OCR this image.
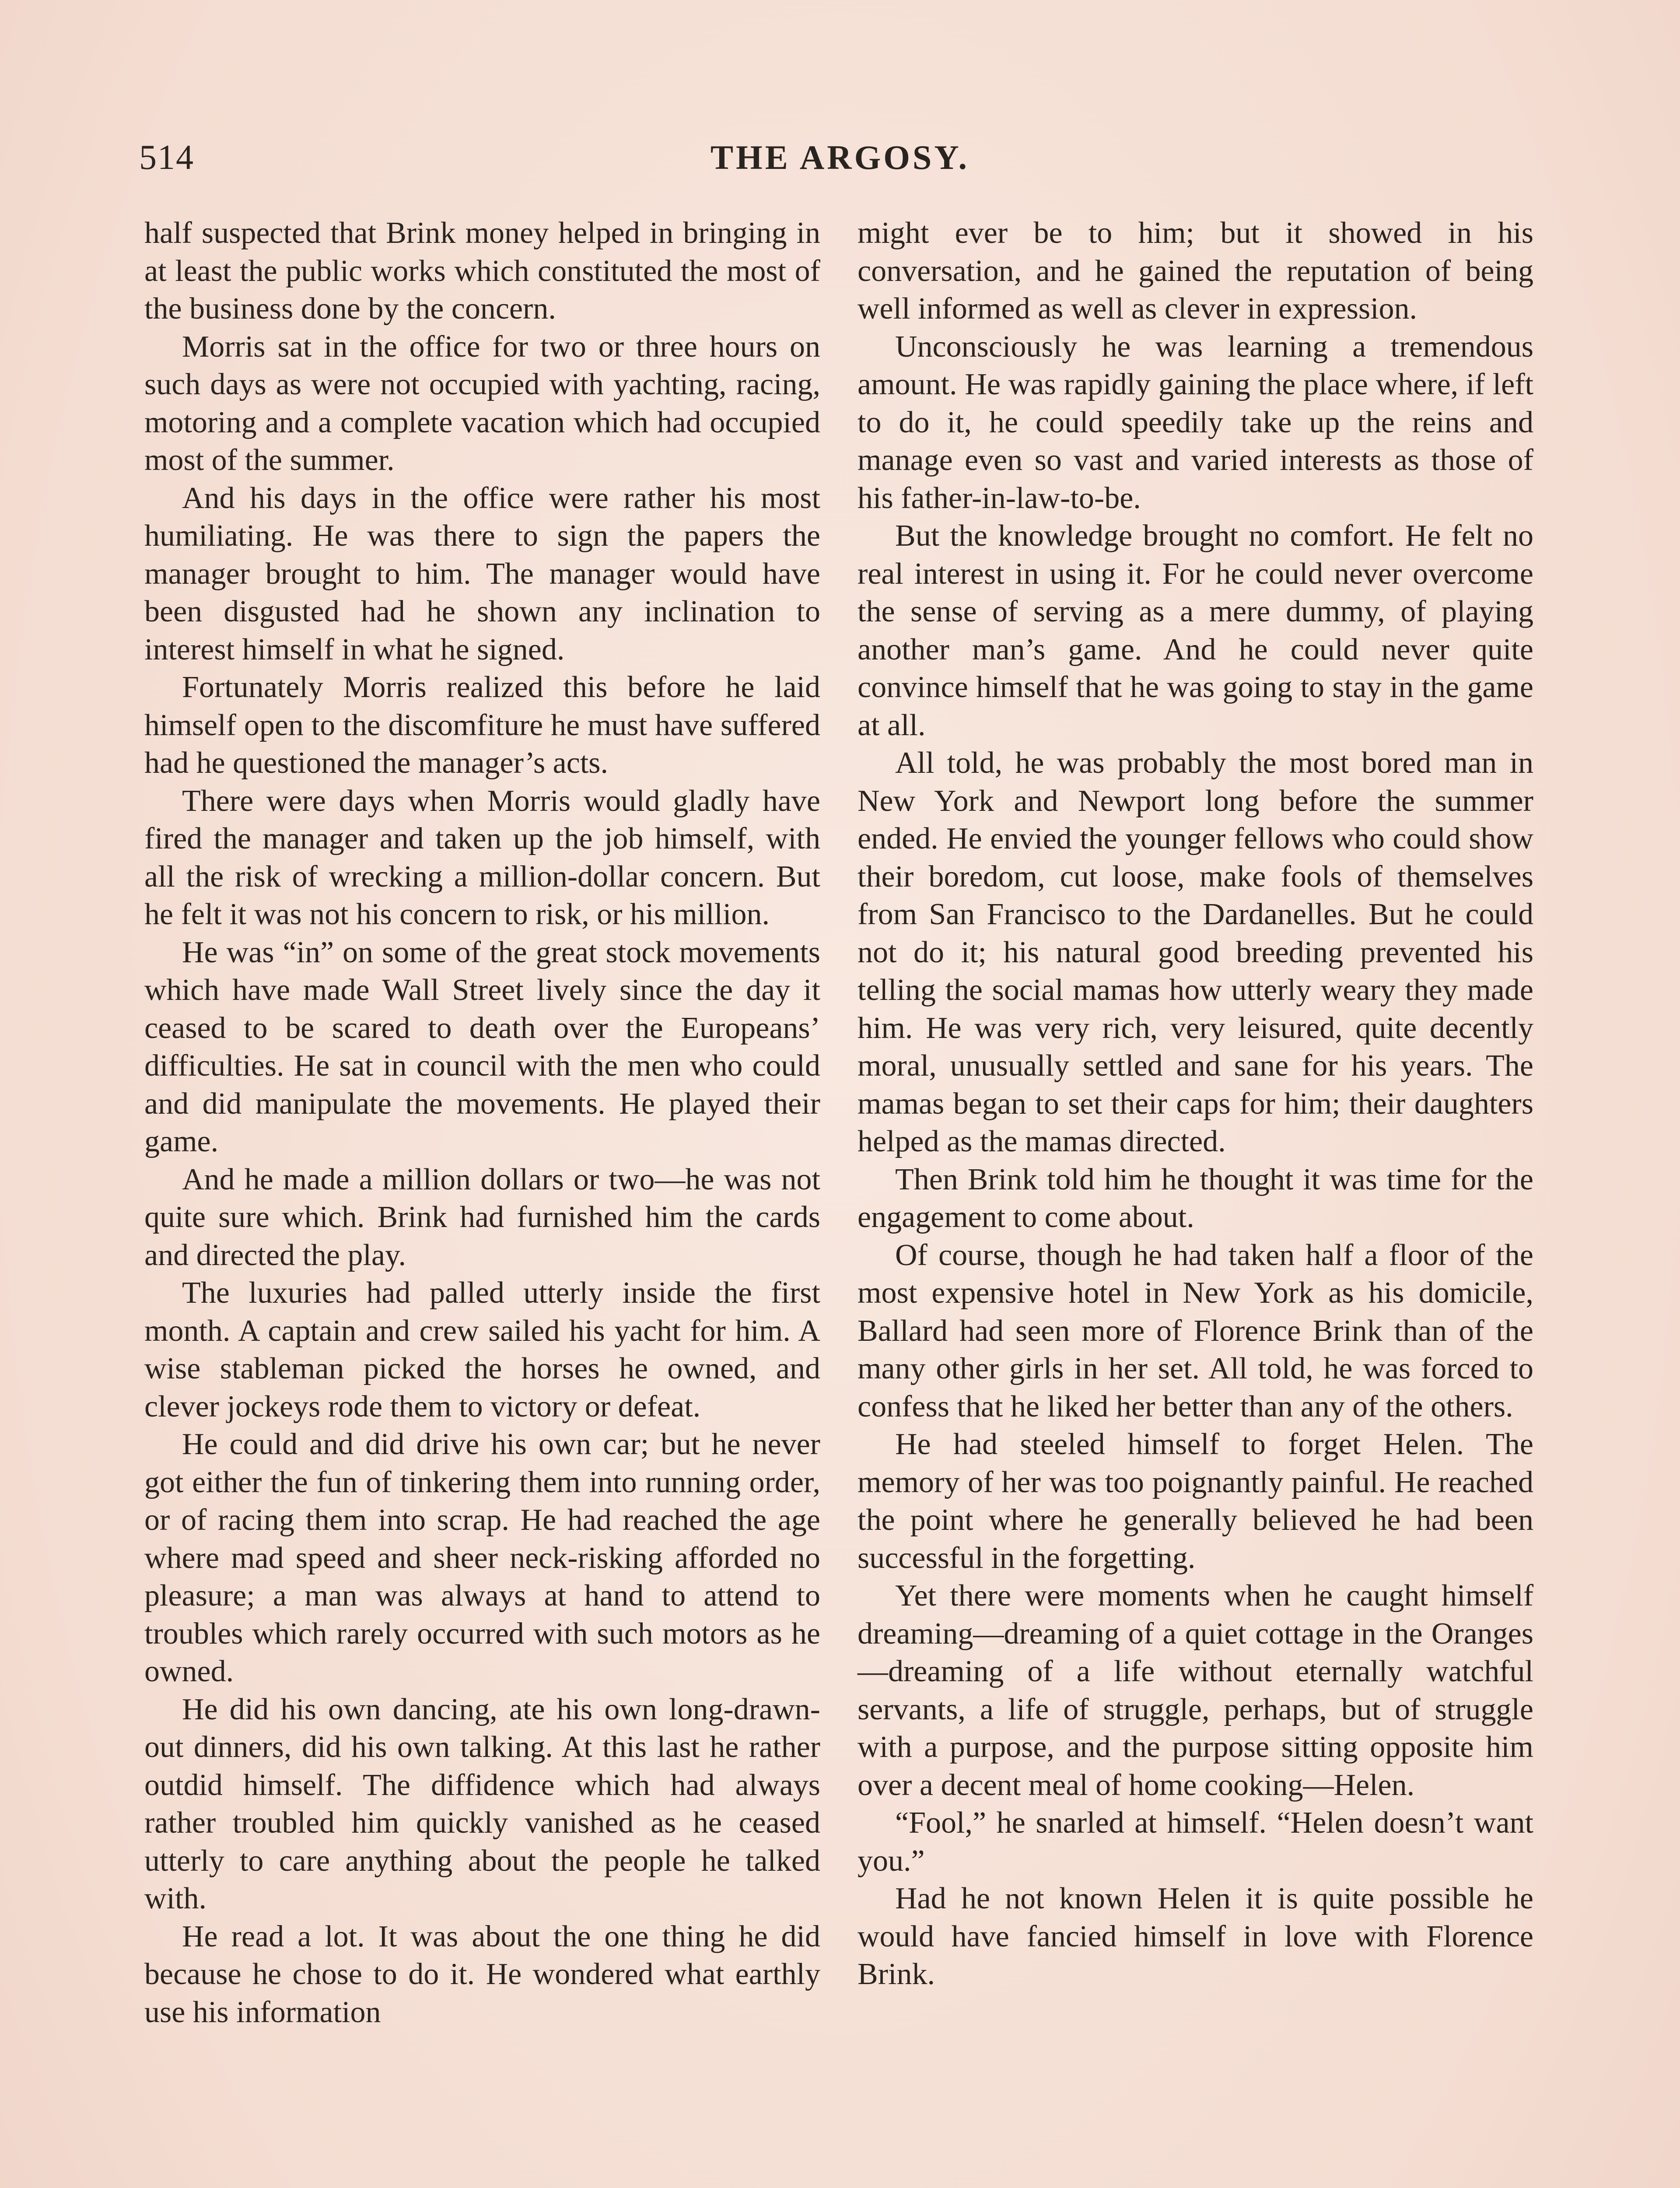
514	THE ARGOSY.

half suspected that Brink money helped in bringing in at least the public works which constituted the most of the business done by the concern.

Morris sat in the office for two or three hours on such days as were not occupied with yachting, racing, motoring and a complete vacation which had occupied most of the summer.

And his days in the office were rather his most humiliating. He was there to sign the papers the manager brought to him. The manager would have been disgusted had he shown any inclination to interest himself in what he signed.

Fortunately Morris realized this before he laid himself open to the discomfiture he must have suffered had he questioned the manager’s acts.

There were days when Morris would gladly have fired the manager and taken up the job himself, with all the risk of wrecking a million-dollar concern. But he felt it was not his concern to risk, or his million.

He was “in” on some of the great stock movements which have made Wall Street lively since the day it ceased to be scared to death over the Europeans’ difficulties. He sat in council with the men who could and did manipulate the movements. He played their game.

And he made a million dollars or two—he was not quite sure which. Brink had furnished him the cards and directed the play.

The luxuries had palled utterly inside the first month. A captain and crew sailed his yacht for him. A wise stableman picked the horses he owned, and clever jockeys rode them to victory or defeat.

He could and did drive his own car; but he never got either the fun of tinkering them into running order, or of racing them into scrap. He had reached the age where mad speed and sheer neck-risking afforded no pleasure; a man was always at hand to attend to troubles which rarely occurred with such motors as he owned.

He did his own dancing, ate his own long-drawn-out dinners, did his own talking. At this last he rather outdid himself. The diffidence which had always rather troubled him quickly vanished as he ceased utterly to care anything about the people he talked with.

He read a lot. It was about the one thing he did because he chose to do it. He wondered what earthly use his information

might ever be to him; but it showed in his conversation, and he gained the reputation of being well informed as well as clever in expression.

Unconsciously he was learning a tremendous amount. He was rapidly gaining the place where, if left to do it, he could speedily take up the reins and manage even so vast and varied interests as those of his father-in-law-to-be.

But the knowledge brought no comfort. He felt no real interest in using it. For he could never overcome the sense of serving as a mere dummy, of playing another man’s game. And he could never quite convince himself that he was going to stay in the game at all.

All told, he was probably the most bored man in New York and Newport long before the summer ended. He envied the younger fellows who could show their boredom, cut loose, make fools of themselves from San Francisco to the Dardanelles. But he could not do it; his natural good breeding prevented his telling the social mamas how utterly weary they made him. He was very rich, very leisured, quite decently moral, unusually settled and sane for his years. The mamas began to set their caps for him; their daughters helped as the mamas directed.

Then Brink told him he thought it was time for the engagement to come about.

Of course, though he had taken half a floor of the most expensive hotel in New York as his domicile, Ballard had seen more of Florence Brink than of the many other girls in her set. All told, he was forced to confess that he liked her better than any of the others.

He had steeled himself to forget Helen. The memory of her was too poignantly painful. He reached the point where he generally believed he had been successful in the forgetting.

Yet there were moments when he caught himself dreaming—dreaming of a quiet cottage in the Oranges—dreaming of a life without eternally watchful servants, a life of struggle, perhaps, but of struggle with a purpose, and the purpose sitting opposite him over a decent meal of home cooking—Helen.

“Fool,” he snarled at himself. “Helen doesn’t want you.”

Had he not known Helen it is quite possible he would have fancied himself in love with Florence Brink.
